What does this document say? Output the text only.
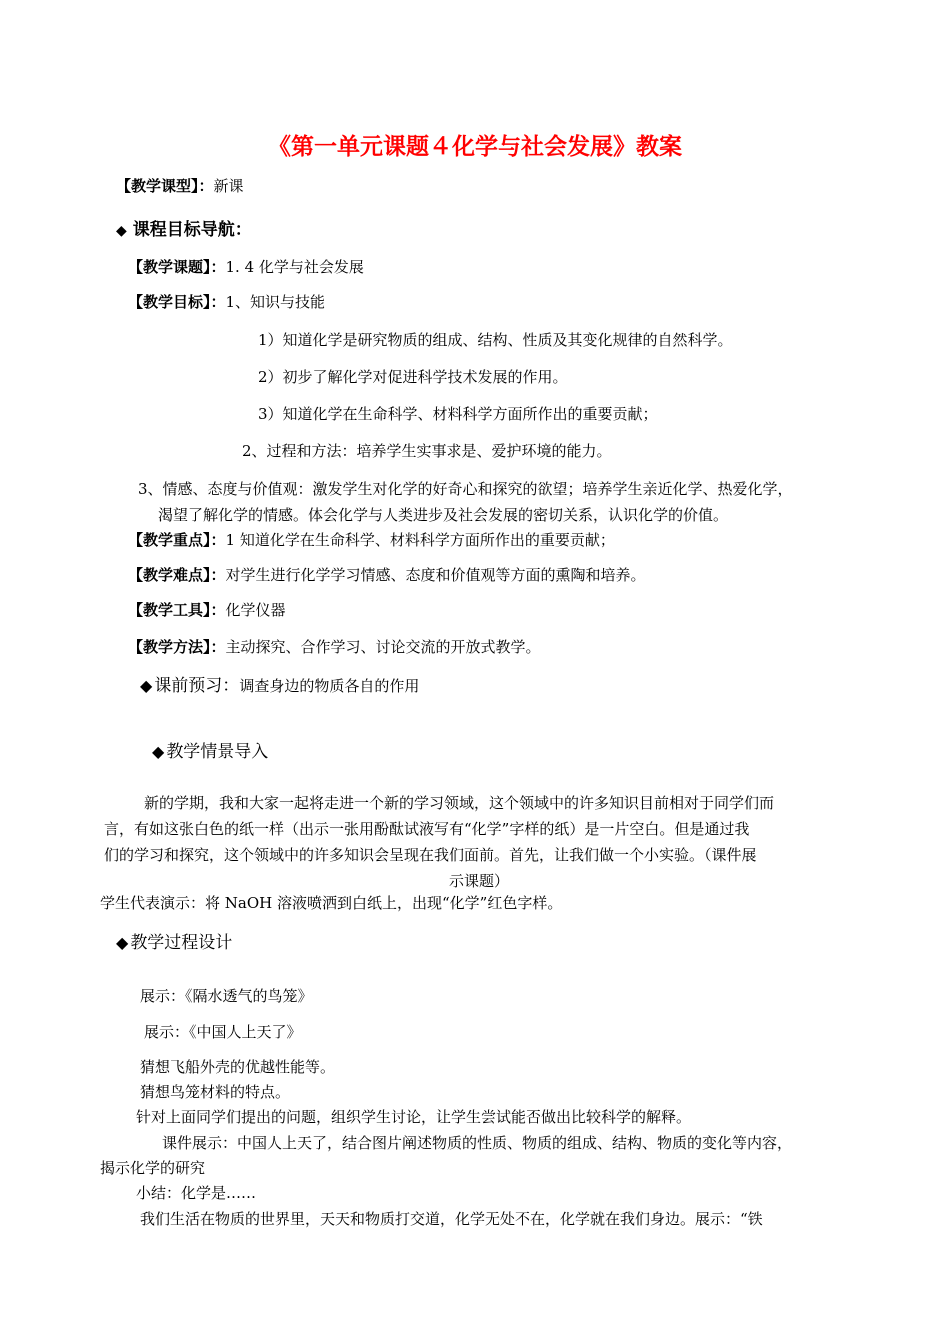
《第一单元课题４化学与社会发展》教案
【教学课型】：新课
◆ 课程目标导航：
【教学课题】：1. 4 化学与社会发展
【教学目标】：1、知识与技能
1）知道化学是研究物质的组成、结构、性质及其变化规律的自然科学。
2）初步了解化学对促进科学技术发展的作用。
3）知道化学在生命科学、材料科学方面所作出的重要贡献；
2、过程和方法：培养学生实事求是、爱护环境的能力。
3、情感、态度与价值观：激发学生对化学的好奇心和探究的欲望；培养学生亲近化学、热爱化学，
渴望了解化学的情感。体会化学与人类进步及社会发展的密切关系，认识化学的价值。
【教学重点】：1 知道化学在生命科学、材料科学方面所作出的重要贡献；
【教学难点】：对学生进行化学学习情感、态度和价值观等方面的熏陶和培养。
【教学工具】：化学仪器
【教学方法】：主动探究、合作学习、讨论交流的开放式教学。
◆ 课前预习：调查身边的物质各自的作用
◆ 教学情景导入
新的学期，我和大家一起将走进一个新的学习领域，这个领域中的许多知识目前相对于同学们而
言，有如这张白色的纸一样（出示一张用酚酞试液写有“化学”字样的纸）是一片空白。但是通过我
们的学习和探究，这个领域中的许多知识会呈现在我们面前。首先，让我们做一个小实验。（课件展
示课题）
学生代表演示：将 NaOH 溶液喷洒到白纸上，出现“化学”红色字样。
◆ 教学过程设计
展示：《隔水透气的鸟笼》
展示：《中国人上天了》
猜想飞船外壳的优越性能等。
猜想鸟笼材料的特点。
针对上面同学们提出的问题，组织学生讨论，让学生尝试能否做出比较科学的解释。
课件展示：中国人上天了，结合图片阐述物质的性质、物质的组成、结构、物质的变化等内容，
揭示化学的研究
小结：化学是……
我们生活在物质的世界里，天天和物质打交道，化学无处不在，化学就在我们身边。展示：“铁
